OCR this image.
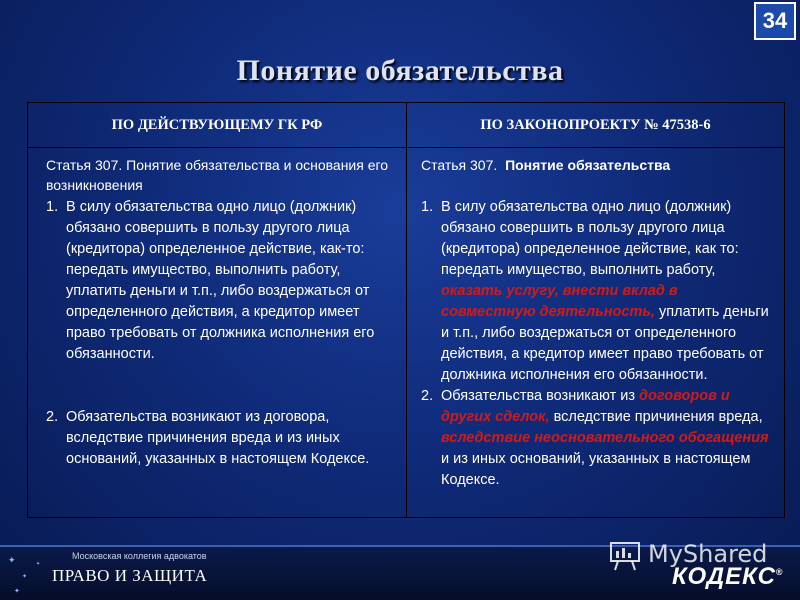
34
Понятие обязательства
ПО ДЕЙСТВУЮЩЕМУ ГК РФ	ПО ЗАКОНОПРОЕКТУ № 47538-6
Статья 307. Понятие обязательства и основания его возникновения
1. В силу обязательства одно лицо (должник) обязано совершить в пользу другого лица (кредитора) определенное действие, как-то: передать имущество, выполнить работу, уплатить деньги и т.п., либо воздержаться от определенного действия, а кредитор имеет право требовать от должника исполнения его обязанности.
2. Обязательства возникают из договора, вследствие причинения вреда и из иных оснований, указанных в настоящем Кодексе.
Статья 307. Понятие обязательства
1. В силу обязательства одно лицо (должник) обязано совершить в пользу другого лица (кредитора) определенное действие, как то: передать имущество, выполнить работу, оказать услугу, внести вклад в совместную деятельность, уплатить деньги и т.п., либо воздержаться от определенного действия, а кредитор имеет право требовать от должника исполнения его обязанности.
2. Обязательства возникают из договоров и других сделок, вследствие причинения вреда, вследствие неосновательного обогащения и из иных оснований, указанных в настоящем Кодексе.
✦
✦
✦
✦
Московская коллегия адвокатов
ПРАВО И ЗАЩИТА
MyShared
КОДЕКС®
